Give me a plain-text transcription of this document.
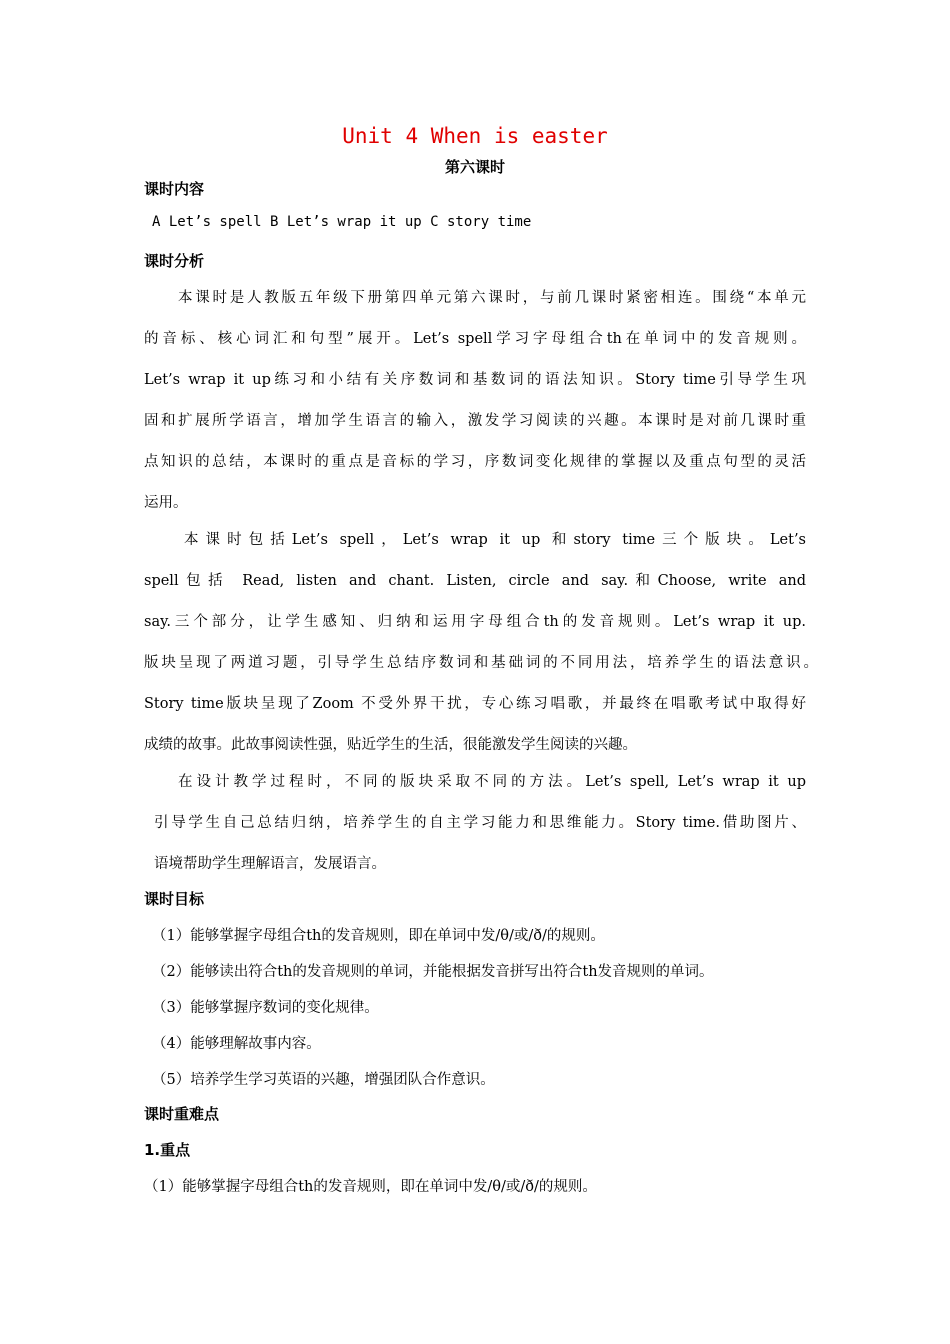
Unit 4 When is easter
第六课时
课时内容
A Let’s spell B Let’s wrap it up C story time
课时分析
本课时是人教版五年级下册第四单元第六课时，与前几课时紧密相连。围绕“本单元
的音标、核心词汇和句型”展开。Let’s spell学习字母组合th在单词中的发音规则。
Let’s wrap it up练习和小结有关序数词和基数词的语法知识。Story time引导学生巩
固和扩展所学语言，增加学生语言的输入，激发学习阅读的兴趣。本课时是对前几课时重
点知识的总结，本课时的重点是音标的学习，序数词变化规律的掌握以及重点句型的灵活
运用。
本课时包括Let’s spell，Let’s wrap it up 和story time三个版块。Let’s
spell包括 Read, listen and chant. Listen, circle and say.和Choose, write and
say.三个部分，让学生感知、归纳和运用字母组合th的发音规则。Let’s wrap it up.
版块呈现了两道习题，引导学生总结序数词和基础词的不同用法，培养学生的语法意识。
Story time版块呈现了Zoom 不受外界干扰，专心练习唱歌，并最终在唱歌考试中取得好
成绩的故事。此故事阅读性强，贴近学生的生活，很能激发学生阅读的兴趣。
在设计教学过程时，不同的版块采取不同的方法。Let’s spell, Let’s wrap it up
引导学生自己总结归纳，培养学生的自主学习能力和思维能力。Story time.借助图片、
语境帮助学生理解语言，发展语言。
课时目标
（1）能够掌握字母组合th的发音规则，即在单词中发/θ/或/ð/的规则。
（2）能够读出符合th的发音规则的单词，并能根据发音拼写出符合th发音规则的单词。
（3）能够掌握序数词的变化规律。
（4）能够理解故事内容。
（5）培养学生学习英语的兴趣，增强团队合作意识。
课时重难点
1.重点
（1）能够掌握字母组合th的发音规则，即在单词中发/θ/或/ð/的规则。
